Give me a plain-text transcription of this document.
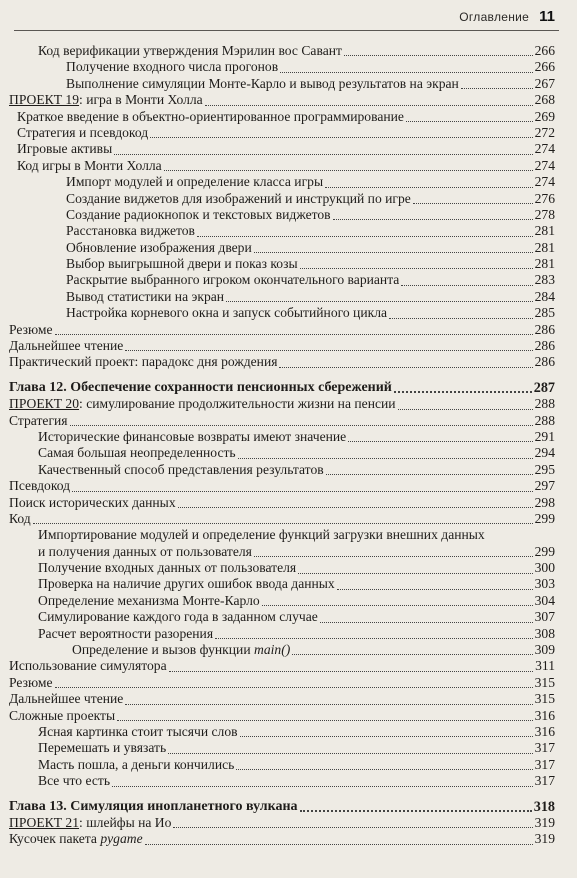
Оглавление 11
Код верификации утверждения Мэрилин вос Савант	266
Получение входного числа прогонов	266
Выполнение симуляции Монте-Карло и вывод результатов на экран	267
ПРОЕКТ 19: игра в Монти Холла	268
Краткое введение в объектно-ориентированное программирование	269
Стратегия и псевдокод	272
Игровые активы	274
Код игры в Монти Холла	274
Импорт модулей и определение класса игры	274
Создание виджетов для изображений и инструкций по игре	276
Создание радиокнопок и текстовых виджетов	278
Расстановка виджетов	281
Обновление изображения двери	281
Выбор выигрышной двери и показ козы	281
Раскрытие выбранного игроком окончательного варианта	283
Вывод статистики на экран	284
Настройка корневого окна и запуск событийного цикла	285
Резюме	286
Дальнейшее чтение	286
Практический проект: парадокс дня рождения	286
Глава 12. Обеспечение сохранности пенсионных сбережений	287
ПРОЕКТ 20: симулирование продолжительности жизни на пенсии	288
Стратегия	288
Исторические финансовые возвраты имеют значение	291
Самая большая неопределенность	294
Качественный способ представления результатов	295
Псевдокод	297
Поиск исторических данных	298
Код	299
Импортирование модулей и определение функций загрузки внешних данных
и получения данных от пользователя	299
Получение входных данных от пользователя	300
Проверка на наличие других ошибок ввода данных	303
Определение механизма Монте-Карло	304
Симулирование каждого года в заданном случае	307
Расчет вероятности разорения	308
Определение и вызов функции main()	309
Использование симулятора	311
Резюме	315
Дальнейшее чтение	315
Сложные проекты	316
Ясная картинка стоит тысячи слов	316
Перемешать и увязать	317
Масть пошла, а деньги кончились	317
Все что есть	317
Глава 13. Симуляция инопланетного вулкана	318
ПРОЕКТ 21: шлейфы на Ио	319
Кусочек пакета pygame	319
